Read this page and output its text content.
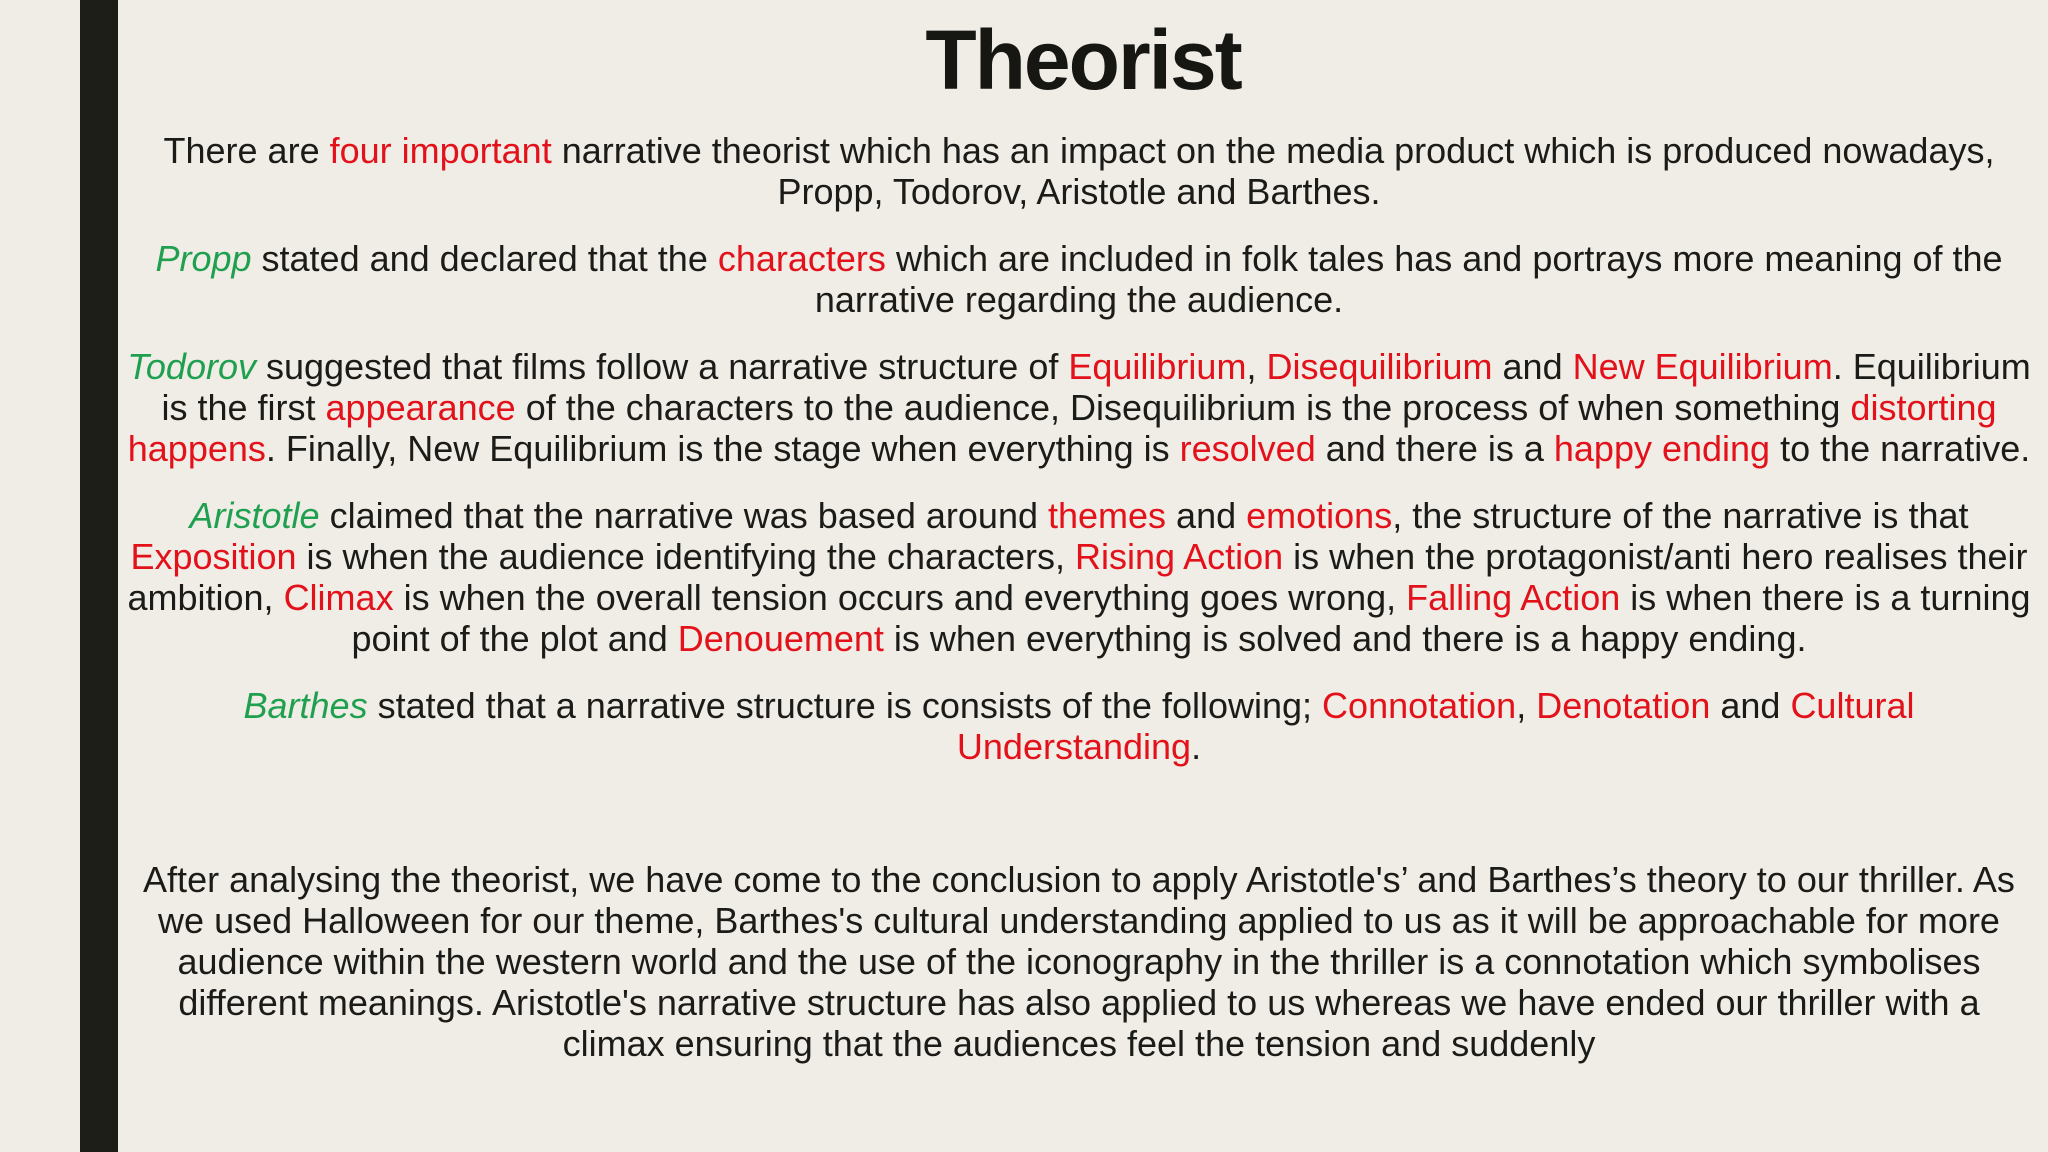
Theorist

There are four important narrative theorist which has an impact on the media product which is produced nowadays, Propp, Todorov, Aristotle and Barthes.

Propp stated and declared that the characters which are included in folk tales has and portrays more meaning of the narrative regarding the audience.

Todorov suggested that films follow a narrative structure of Equilibrium, Disequilibrium and New Equilibrium. Equilibrium is the first appearance of the characters to the audience, Disequilibrium is the process of when something distorting happens. Finally, New Equilibrium is the stage when everything is resolved and there is a happy ending to the narrative.

Aristotle claimed that the narrative was based around themes and emotions, the structure of the narrative is that Exposition is when the audience identifying the characters, Rising Action is when the protagonist/anti hero realises their ambition, Climax is when the overall tension occurs and everything goes wrong, Falling Action is when there is a turning point of the plot and Denouement is when everything is solved and there is a happy ending.

Barthes stated that a narrative structure is consists of the following; Connotation, Denotation and Cultural Understanding.

After analysing the theorist, we have come to the conclusion to apply Aristotle's’ and Barthes’s theory to our thriller. As we used Halloween for our theme, Barthes's cultural understanding applied to us as it will be approachable for more audience within the western world and the use of the iconography in the thriller is a connotation which symbolises different meanings. Aristotle's narrative structure has also applied to us whereas we have ended our thriller with a climax ensuring that the audiences feel the tension and suddenly
